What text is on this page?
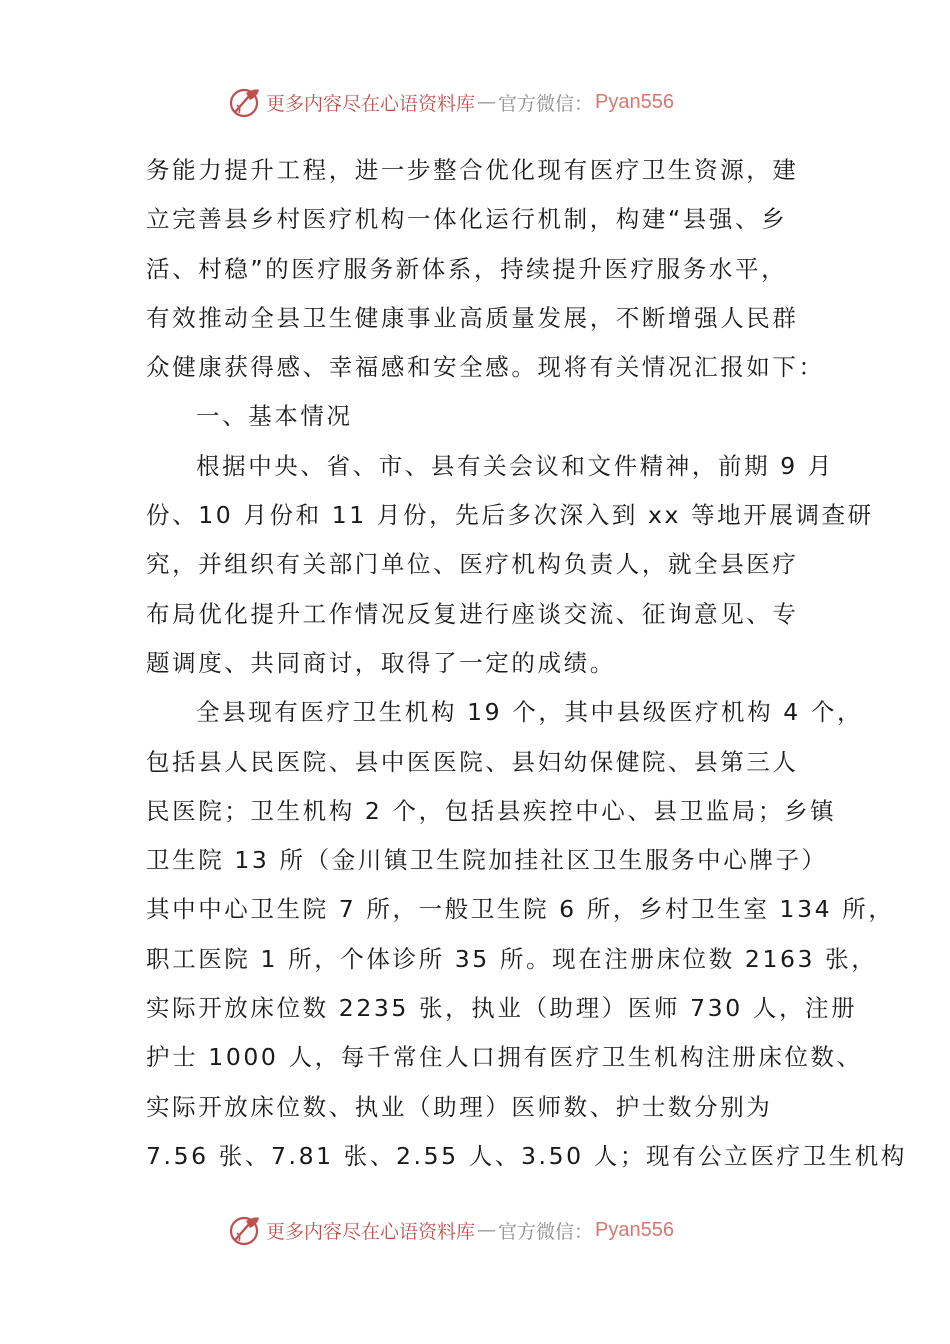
更多内容尽在心语资料库 — 官方微信： Pyan556
务能力提升工程，进一步整合优化现有医疗卫生资源，建
立完善县乡村医疗机构一体化运行机制，构建“县强、乡
活、村稳”的医疗服务新体系，持续提升医疗服务水平，
有效推动全县卫生健康事业高质量发展，不断增强人民群
众健康获得感、幸福感和安全感。现将有关情况汇报如下：
一、基本情况
根据中央、省、市、县有关会议和文件精神，前期 9 月
份、10 月份和 11 月份，先后多次深入到 xx 等地开展调查研
究，并组织有关部门单位、医疗机构负责人，就全县医疗
布局优化提升工作情况反复进行座谈交流、征询意见、专
题调度、共同商讨，取得了一定的成绩。
全县现有医疗卫生机构 19 个，其中县级医疗机构 4 个，
包括县人民医院、县中医医院、县妇幼保健院、县第三人
民医院；卫生机构 2 个，包括县疾控中心、县卫监局；乡镇
卫生院 13 所（金川镇卫生院加挂社区卫生服务中心牌子）
其中中心卫生院 7 所，一般卫生院 6 所，乡村卫生室 134 所，
职工医院 1 所，个体诊所 35 所。现在注册床位数 2163 张，
实际开放床位数 2235 张，执业（助理）医师 730 人，注册
护士 1000 人，每千常住人口拥有医疗卫生机构注册床位数、
实际开放床位数、执业（助理）医师数、护士数分别为
7.56 张、7.81 张、2.55 人、3.50 人；现有公立医疗卫生机构
更多内容尽在心语资料库 — 官方微信： Pyan556
